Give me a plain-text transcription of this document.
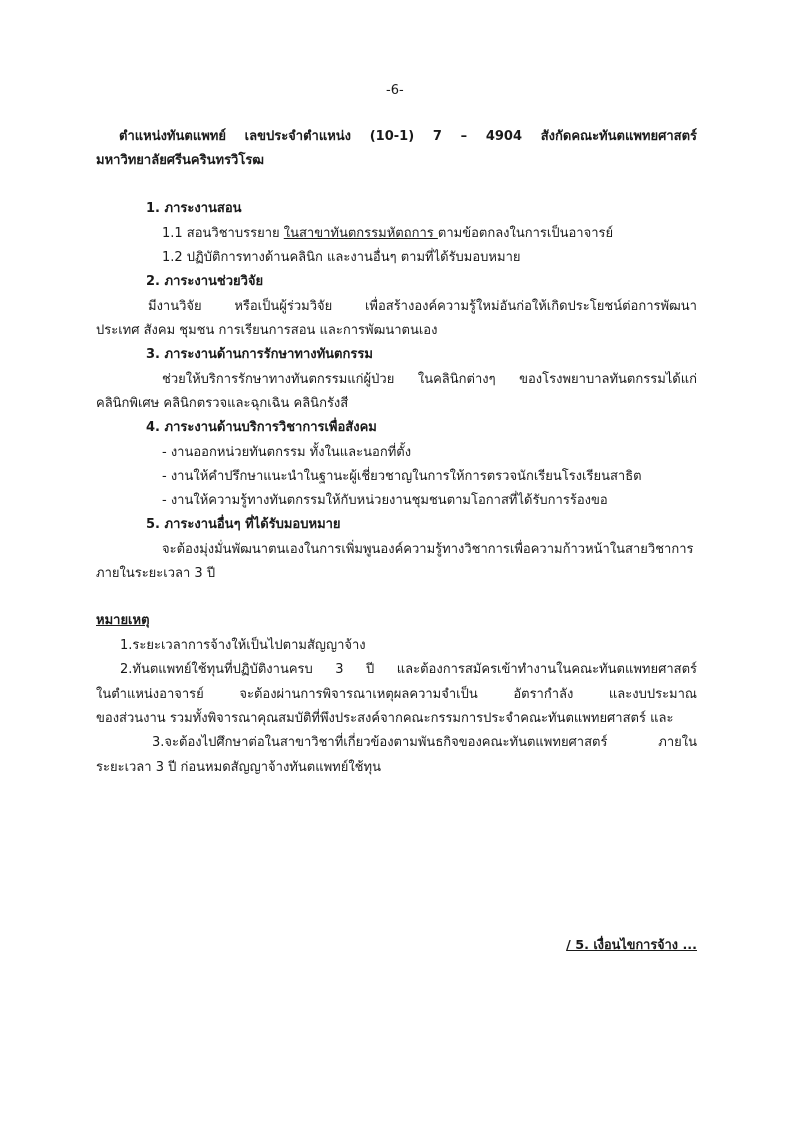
-6-
ตำแหน่งทันตแพทย์ เลขประจำตำแหน่ง (10-1) 7 – 4904 สังกัดคณะทันตแพทยศาสตร์
มหาวิทยาลัยศรีนครินทรวิโรฒ
1. ภาระงานสอน
1.1 สอนวิชาบรรยาย ในสาขาทันตกรรมหัตถการ ตามข้อตกลงในการเป็นอาจารย์
1.2 ปฏิบัติการทางด้านคลินิก และงานอื่นๆ ตามที่ได้รับมอบหมาย
2. ภาระงานช่วยวิจัย
มีงานวิจัย หรือเป็นผู้ร่วมวิจัย เพื่อสร้างองค์ความรู้ใหม่อันก่อให้เกิดประโยชน์ต่อการพัฒนา
ประเทศ สังคม ชุมชน การเรียนการสอน และการพัฒนาตนเอง
3. ภาระงานด้านการรักษาทางทันตกรรม
ช่วยให้บริการรักษาทางทันตกรรมแก่ผู้ป่วย ในคลินิกต่างๆ ของโรงพยาบาลทันตกรรมได้แก่
คลินิกพิเศษ คลินิกตรวจและฉุกเฉิน คลินิกรังสี
4. ภาระงานด้านบริการวิชาการเพื่อสังคม
- งานออกหน่วยทันตกรรม ทั้งในและนอกที่ตั้ง
- งานให้คำปรึกษาแนะนำในฐานะผู้เชี่ยวชาญในการให้การตรวจนักเรียนโรงเรียนสาธิต
- งานให้ความรู้ทางทันตกรรมให้กับหน่วยงานชุมชนตามโอกาสที่ได้รับการร้องขอ
5. ภาระงานอื่นๆ ที่ได้รับมอบหมาย
จะต้องมุ่งมั่นพัฒนาตนเองในการเพิ่มพูนองค์ความรู้ทางวิชาการเพื่อความก้าวหน้าในสายวิชาการ
ภายในระยะเวลา 3 ปี
หมายเหตุ
1.ระยะเวลาการจ้างให้เป็นไปตามสัญญาจ้าง
2.ทันตแพทย์ใช้ทุนที่ปฏิบัติงานครบ 3 ปี และต้องการสมัครเข้าทำงานในคณะทันตแพทยศาสตร์
ในตำแหน่งอาจารย์ จะต้องผ่านการพิจารณาเหตุผลความจำเป็น อัตรากำลัง และงบประมาณ
ของส่วนงาน รวมทั้งพิจารณาคุณสมบัติที่พึงประสงค์จากคณะกรรมการประจำคณะทันตแพทยศาสตร์ และ
3.จะต้องไปศึกษาต่อในสาขาวิชาที่เกี่ยวข้องตามพันธกิจของคณะทันตแพทยศาสตร์ ภายใน
ระยะเวลา 3 ปี ก่อนหมดสัญญาจ้างทันตแพทย์ใช้ทุน
/ 5. เงื่อนไขการจ้าง ...
